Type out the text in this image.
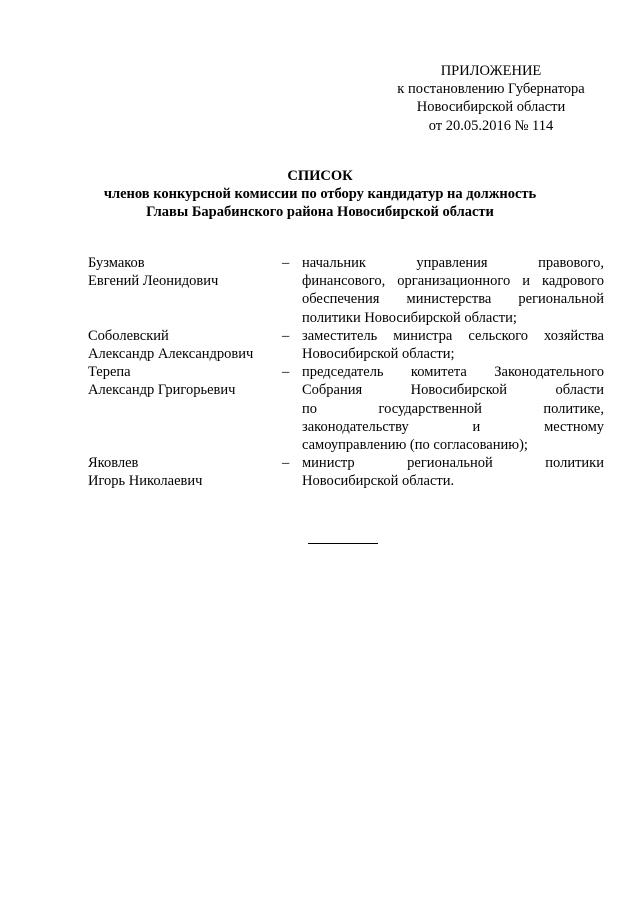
ПРИЛОЖЕНИЕ
к постановлению Губернатора
Новосибирской области
от 20.05.2016 № 114
СПИСОК
членов конкурсной комиссии по отбору кандидатур на должность
Главы Барабинского района Новосибирской области
Бузмаков
Евгений Леонидович
– начальник управления правового,
финансового, организационного и кадрового
обеспечения министерства региональной
политики Новосибирской области;
Соболевский
Александр Александрович
– заместитель министра сельского хозяйства
Новосибирской области;
Терепа
Александр Григорьевич
– председатель комитета Законодательного
Собрания Новосибирской области
по государственной политике,
законодательству и местному
самоуправлению (по согласованию);
Яковлев
Игорь Николаевич
– министр региональной политики
Новосибирской области.
